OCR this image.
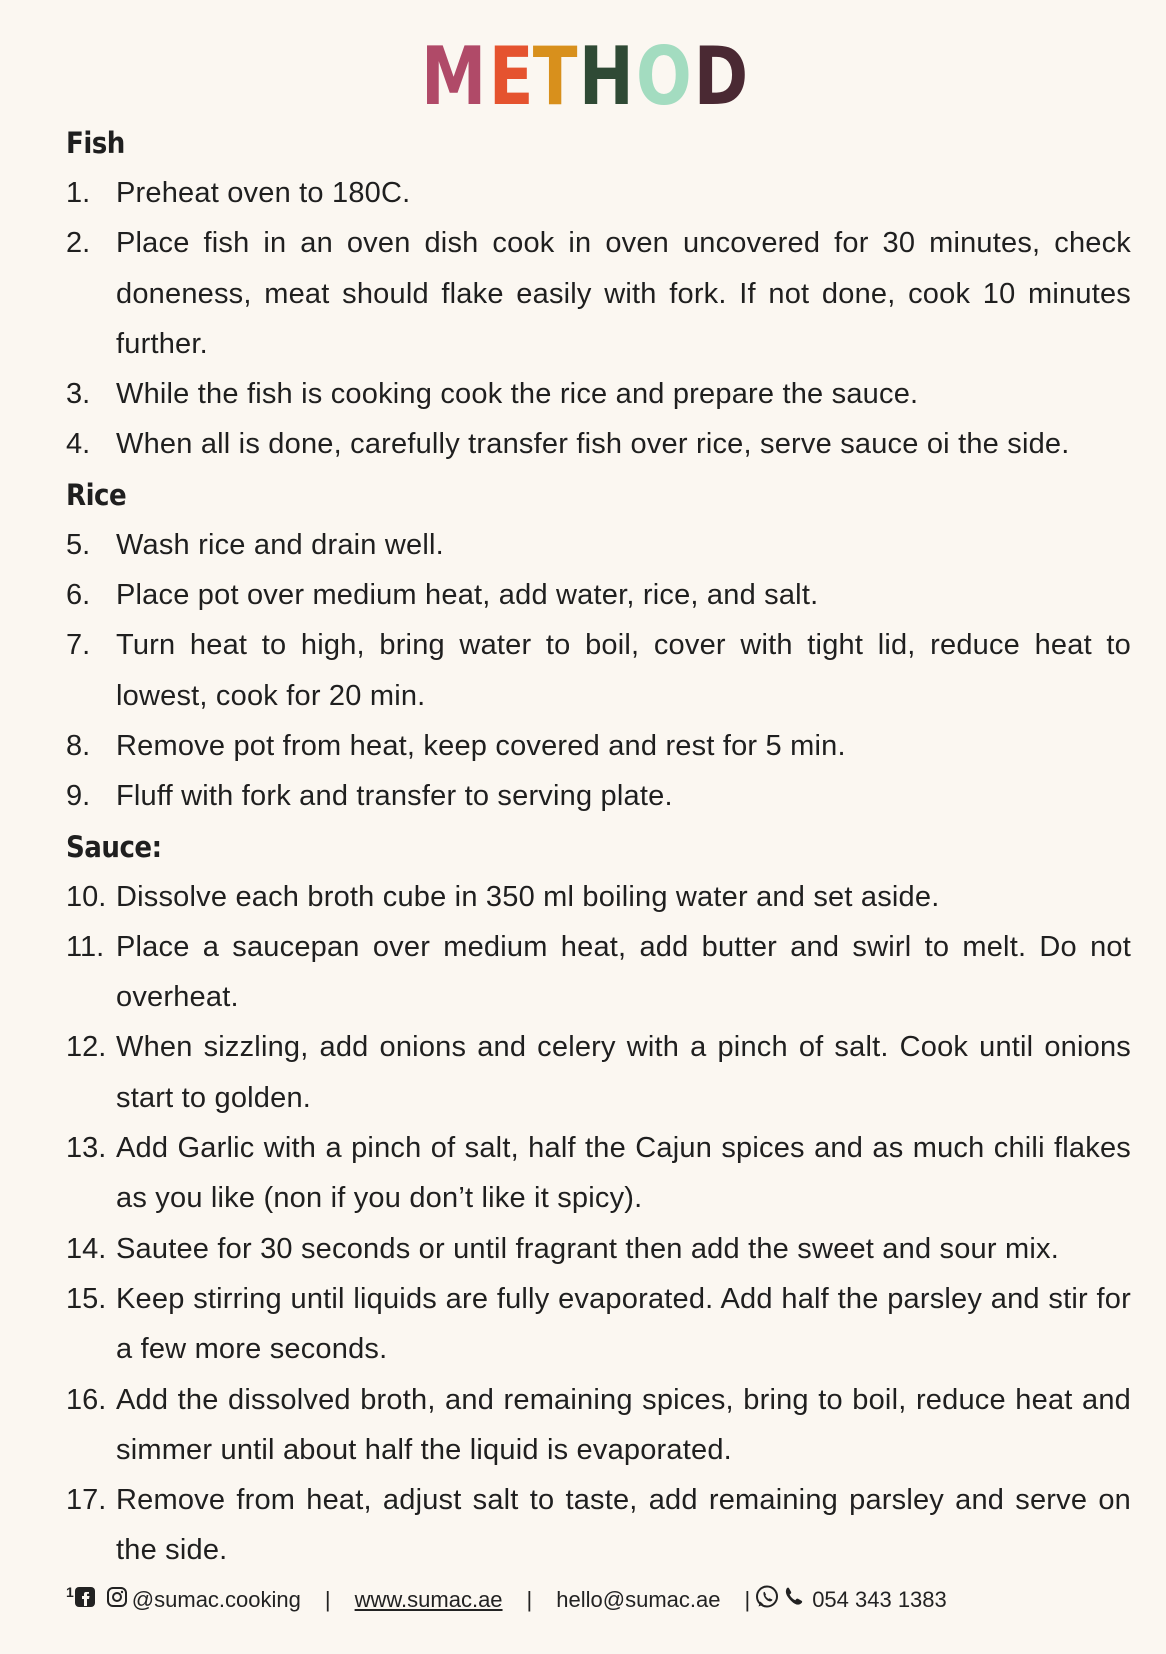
METHOD
Fish
1. Preheat oven to 180C.
2. Place fish in an oven dish cook in oven uncovered for 30 minutes, check doneness, meat should flake easily with fork. If not done, cook 10 minutes further.
3. While the fish is cooking cook the rice and prepare the sauce.
4. When all is done, carefully transfer fish over rice, serve sauce oi the side.
Rice
5. Wash rice and drain well.
6. Place pot over medium heat, add water, rice, and salt.
7. Turn heat to high, bring water to boil, cover with tight lid, reduce heat to lowest, cook for 20 min.
8. Remove pot from heat, keep covered and rest for 5 min.
9. Fluff with fork and transfer to serving plate.
Sauce:
10. Dissolve each broth cube in 350 ml boiling water and set aside.
11. Place a saucepan over medium heat, add butter and swirl to melt. Do not overheat.
12. When sizzling, add onions and celery with a pinch of salt. Cook until onions start to golden.
13. Add Garlic with a pinch of salt, half the Cajun spices and as much chili flakes as you like (non if you don’t like it spicy).
14. Sautee for 30 seconds or until fragrant then add the sweet and sour mix.
15. Keep stirring until liquids are fully evaporated. Add half the parsley and stir for a few more seconds.
16. Add the dissolved broth, and remaining spices, bring to boil, reduce heat and simmer until about half the liquid is evaporated.
17. Remove from heat, adjust salt to taste, add remaining parsley and serve on the side.
1	@sumac.cooking | www.sumac.ae | hello@sumac.ae |	054 343 1383
